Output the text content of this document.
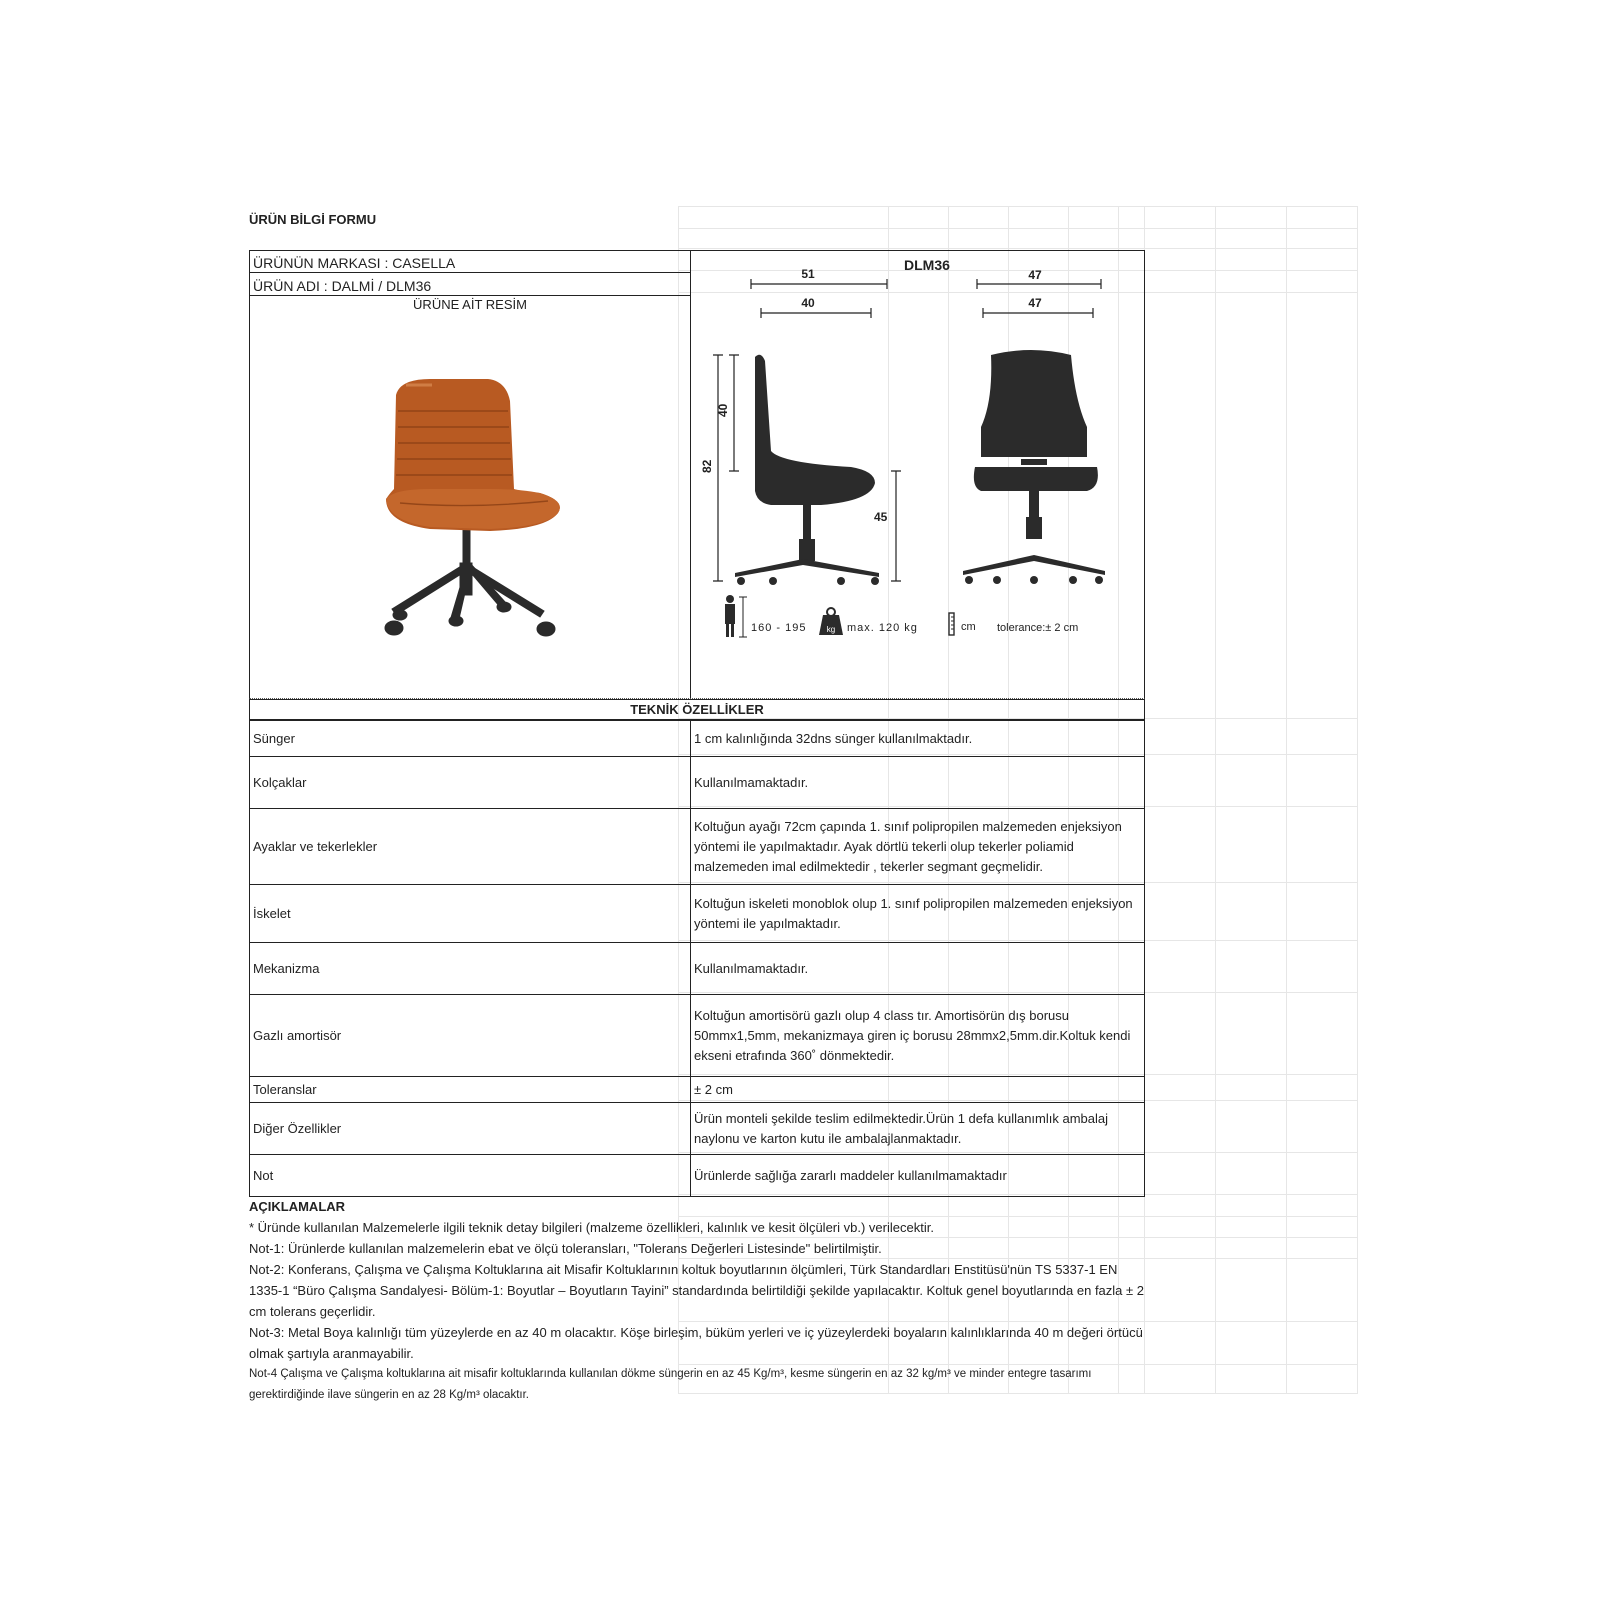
ÜRÜN BİLGİ FORMU
ÜRÜNÜN MARKASI : CASELLA
ÜRÜN ADI : DALMİ / DLM36
ÜRÜNE AİT RESİM
DLM36
51
40
47
47
40
82
45
160 - 195	kg max. 120 kg	cm tolerance:± 2 cm
TEKNİK ÖZELLİKLER
Sünger	1 cm kalınlığında 32dns sünger kullanılmaktadır.
Kolçaklar	Kullanılmamaktadır.
Ayaklar ve tekerlekler	Koltuğun ayağı 72cm çapında 1. sınıf polipropilen malzemeden enjeksiyon yöntemi ile yapılmaktadır. Ayak dörtlü tekerli olup tekerler poliamid malzemeden imal edilmektedir , tekerler segmant geçmelidir.
İskelet	Koltuğun iskeleti monoblok olup 1. sınıf polipropilen malzemeden enjeksiyon yöntemi ile yapılmaktadır.
Mekanizma	Kullanılmamaktadır.
Gazlı amortisör	Koltuğun amortisörü gazlı olup 4 class tır. Amortisörün dış borusu 50mmx1,5mm, mekanizmaya giren iç borusu 28mmx2,5mm.dir.Koltuk kendi ekseni etrafında 360˚ dönmektedir.
Toleranslar	± 2 cm
Diğer Özellikler	Ürün monteli şekilde teslim edilmektedir.Ürün 1 defa kullanımlık ambalaj naylonu ve karton kutu ile ambalajlanmaktadır.
Not	Ürünlerde sağlığa zararlı maddeler kullanılmamaktadır

AÇIKLAMALAR

* Üründe kullanılan Malzemelerle ilgili teknik detay bilgileri (malzeme özellikleri, kalınlık ve kesit ölçüleri vb.) verilecektir.

Not-1: Ürünlerde kullanılan malzemelerin ebat ve ölçü toleransları, "Tolerans Değerleri Listesinde" belirtilmiştir.

Not-2: Konferans, Çalışma ve Çalışma Koltuklarına ait Misafir Koltuklarının koltuk boyutlarının ölçümleri, Türk Standardları Enstitüsü'nün TS 5337-1 EN 1335-1 “Büro Çalışma Sandalyesi- Bölüm-1: Boyutlar – Boyutların Tayini” standardında belirtildiği şekilde yapılacaktır. Koltuk genel boyutlarında en fazla ± 2 cm tolerans geçerlidir.

Not-3: Metal Boya kalınlığı tüm yüzeylerde en az 40 m olacaktır. Köşe birleşim, büküm yerleri ve iç yüzeylerdeki boyaların kalınlıklarında 40 m değeri örtücü olmak şartıyla aranmayabilir.

Not-4 Çalışma ve Çalışma koltuklarına ait misafir koltuklarında kullanılan dökme süngerin en az 45 Kg/m³, kesme süngerin en az 32 kg/m³ ve minder entegre tasarımı gerektirdiğinde ilave süngerin en az 28 Kg/m³ olacaktır.
